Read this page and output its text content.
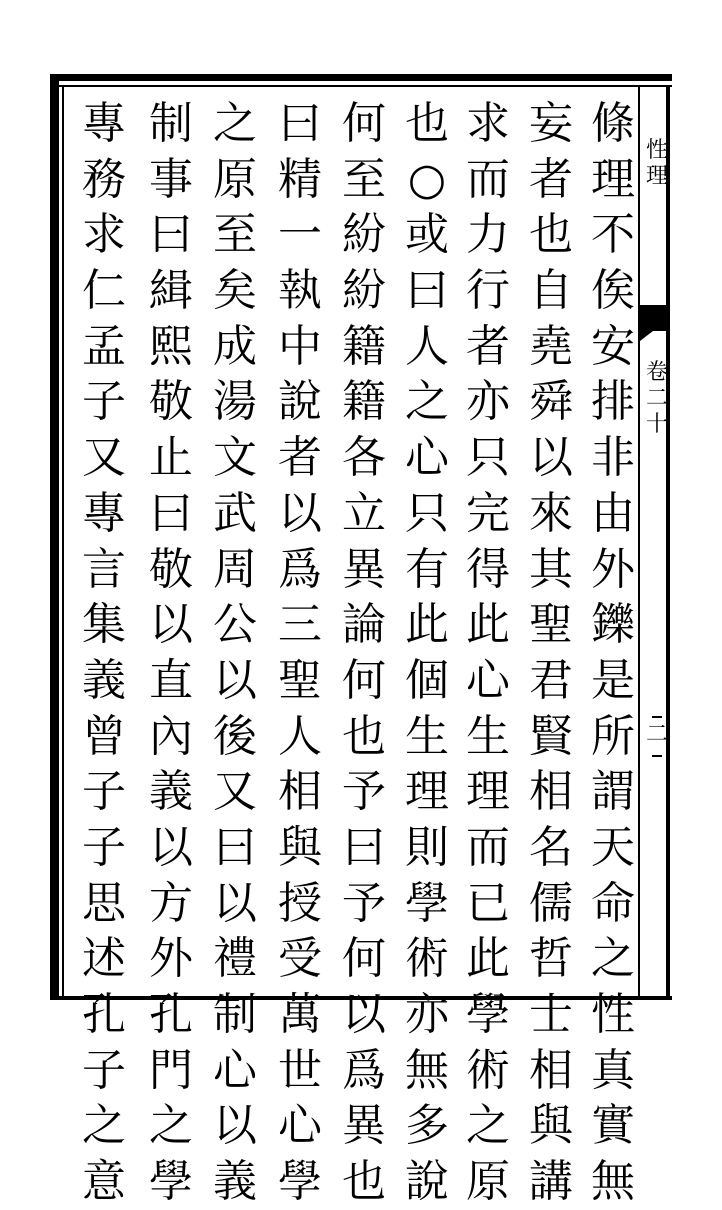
性理
卷二十
二
條
理
不
俟
安
排
非
由
外
鑠
是
所
謂
天
命
之
性
真
實
無
妄
者
也
自
堯
舜
以
來
其
聖
君
賢
相
名
儒
哲
士
相
與
講
求
而
力
行
者
亦
只
完
得
此
心
生
理
而
已
此
學
術
之
原
也
○
或
曰
人
之
心
只
有
此
個
生
理
則
學
術
亦
無
多
說
何
至
紛
紛
籍
籍
各
立
異
論
何
也
予
曰
予
何
以
爲
異
也
曰
精
一
執
中
說
者
以
爲
三
聖
人
相
與
授
受
萬
世
心
學
之
原
至
矣
成
湯
文
武
周
公
以
後
又
曰
以
禮
制
心
以
義
制
事
曰
緝
熙
敬
止
曰
敬
以
直
內
義
以
方
外
孔
門
之
學
專
務
求
仁
孟
子
又
專
言
集
義
曾
子
子
思
述
孔
子
之
意
